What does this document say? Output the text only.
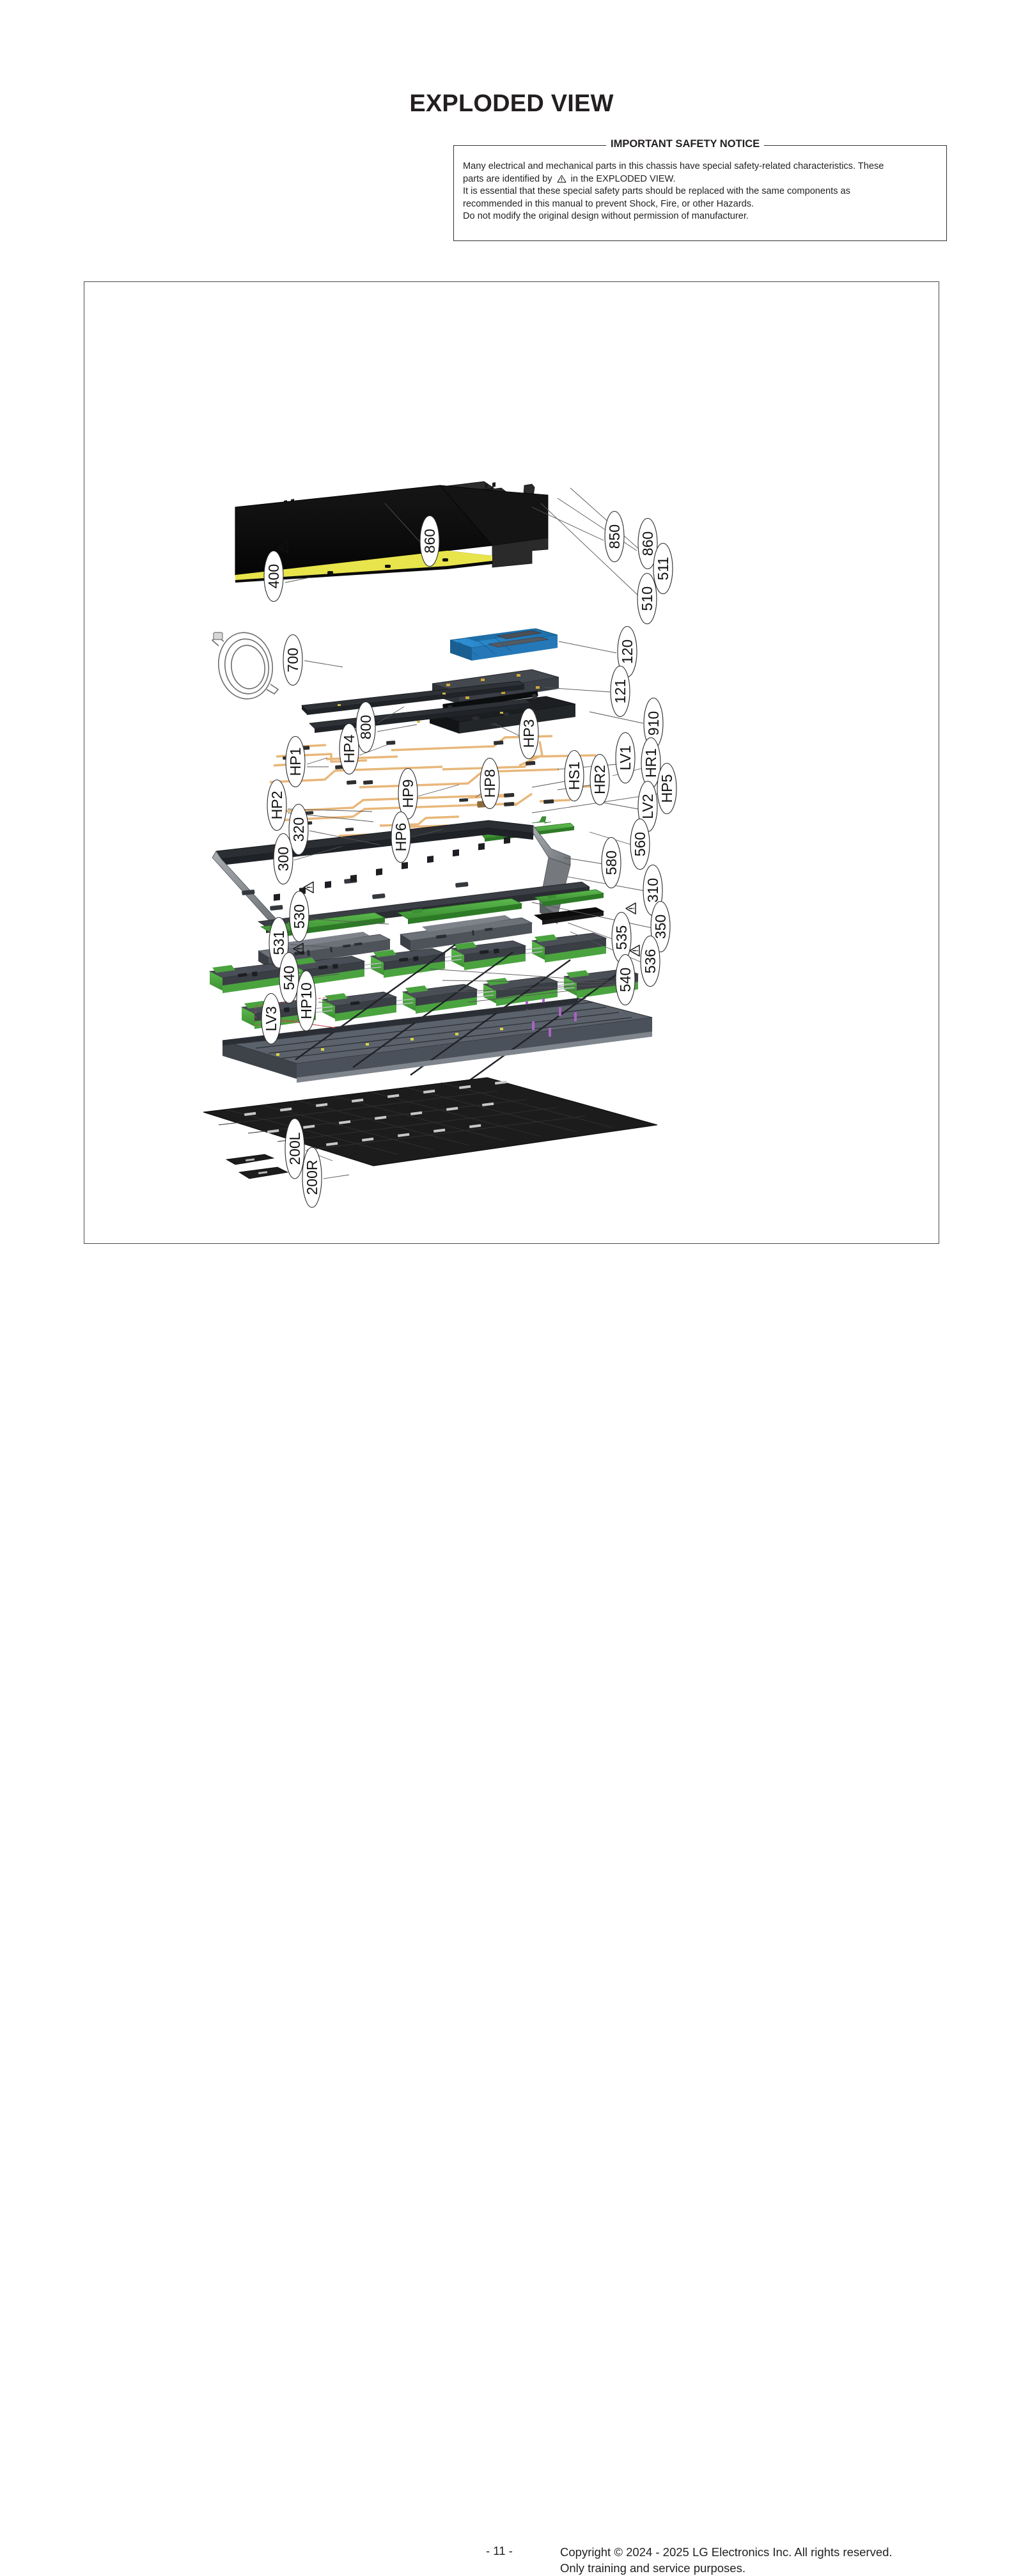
EXPLODED VIEW
IMPORTANT SAFETY NOTICE

Many electrical and mechanical parts in this chassis have special safety-related characteristics. These

parts are identified by in the EXPLODED VIEW.

It is essential that these special safety parts should be replaced with the same components as

recommended in this manual to prevent Shock, Fire, or other Hazards.

Do not modify the original design without permission of manufacturer.

400
860	850 860
511
510
700	120
121
800	HP3	910
HP4
HP1	LV1 HR1
HS1 HR2
HP8	HP5
HP9
HP2	LV2
320	HP6	560
300	580
310
530	350
531	535
536
540	540
HP10
LV3
200L
200R
- 11 -	Copyright © 2024 - 2025 LG Electronics Inc. All rights reserved.
Only training and service purposes.
